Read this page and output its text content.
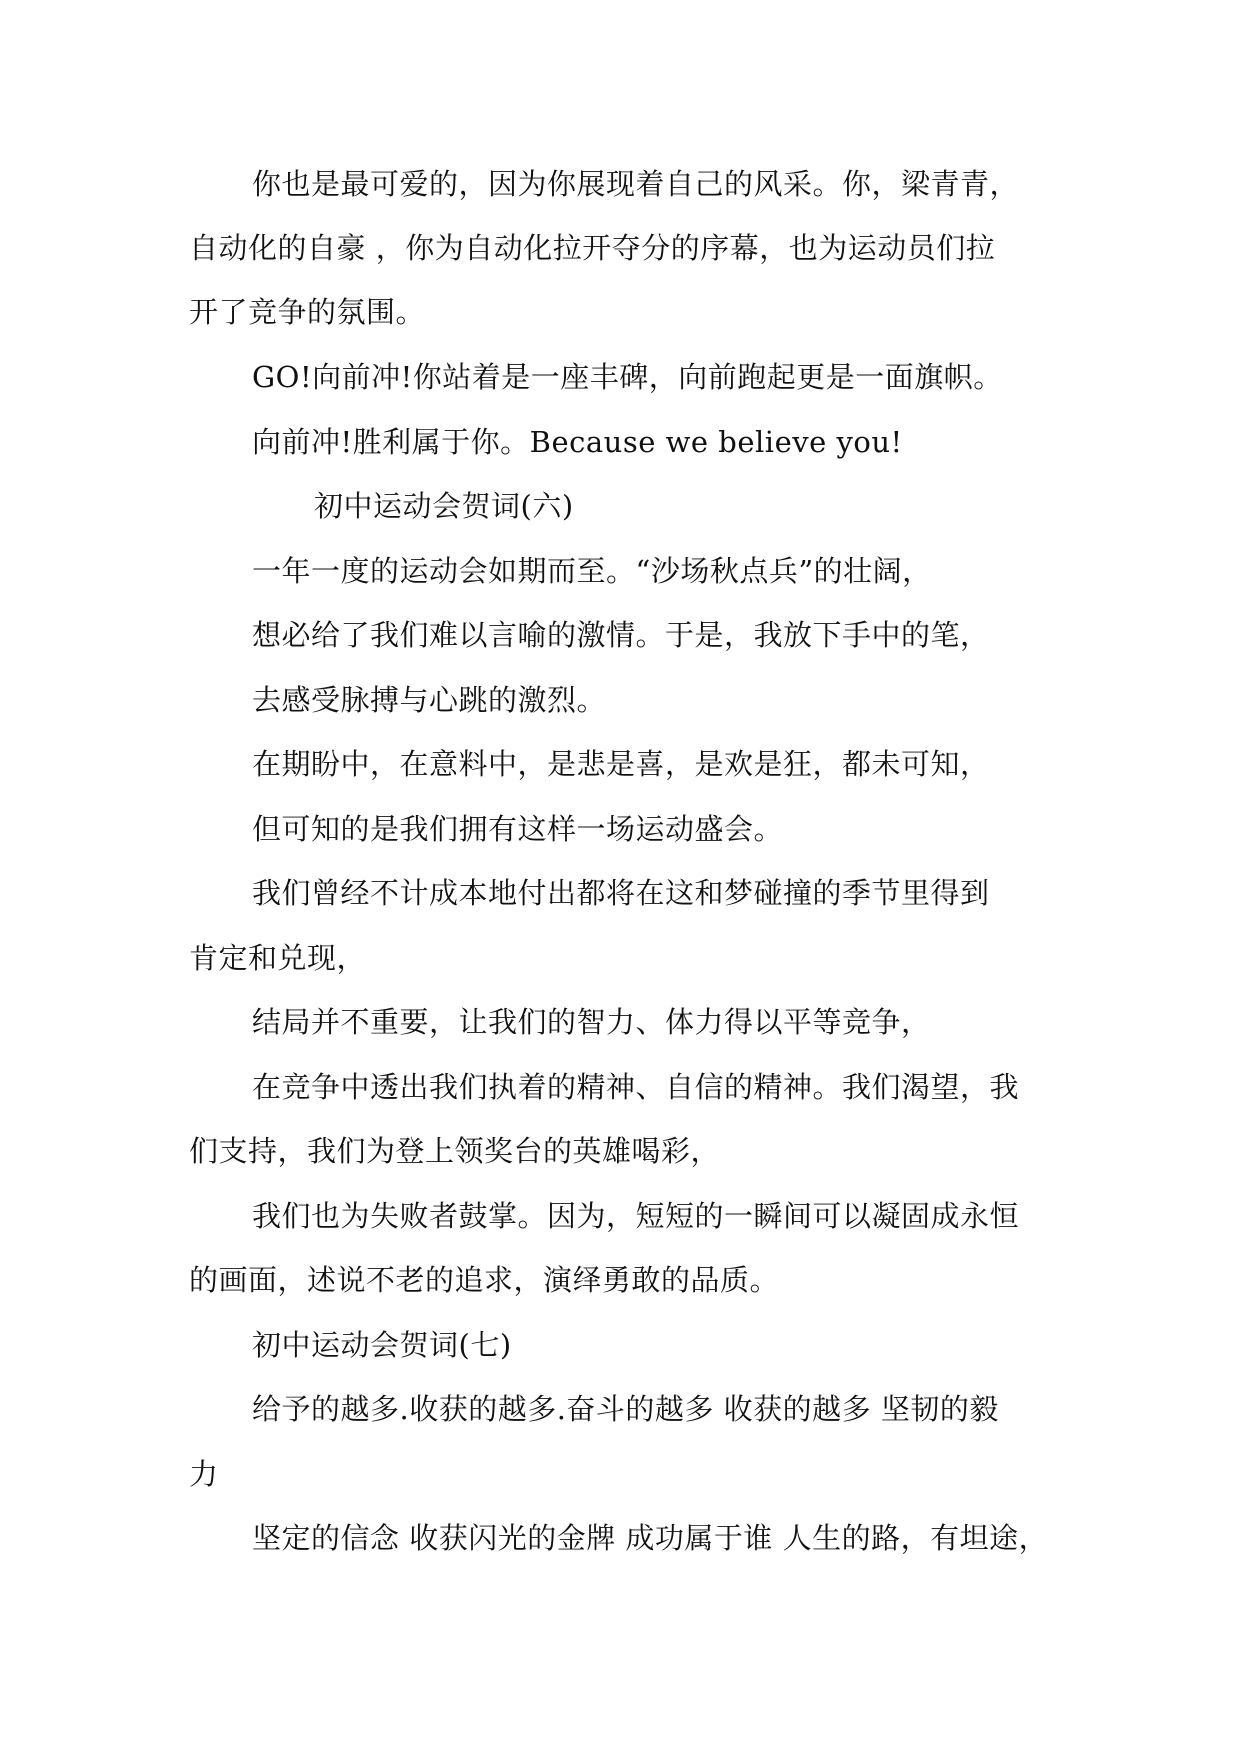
你也是最可爱的，因为你展现着自己的风采。你，梁青青，
自动化的自豪 ，你为自动化拉开夺分的序幕，也为运动员们拉
开了竞争的氛围。
GO!向前冲!你站着是一座丰碑，向前跑起更是一面旗帜。
向前冲!胜利属于你。Because we believe you!
初中运动会贺词(六)
一年一度的运动会如期而至。“沙场秋点兵”的壮阔，
想必给了我们难以言喻的激情。于是，我放下手中的笔，
去感受脉搏与心跳的激烈。
在期盼中，在意料中，是悲是喜，是欢是狂，都未可知，
但可知的是我们拥有这样一场运动盛会。
我们曾经不计成本地付出都将在这和梦碰撞的季节里得到
肯定和兑现，
结局并不重要，让我们的智力、体力得以平等竞争，
在竞争中透出我们执着的精神、自信的精神。我们渴望，我
们支持，我们为登上领奖台的英雄喝彩，
我们也为失败者鼓掌。因为，短短的一瞬间可以凝固成永恒
的画面，述说不老的追求，演绎勇敢的品质。
初中运动会贺词(七)
给予的越多.收获的越多.奋斗的越多 收获的越多 坚韧的毅
力
坚定的信念 收获闪光的金牌 成功属于谁 人生的路，有坦途，
